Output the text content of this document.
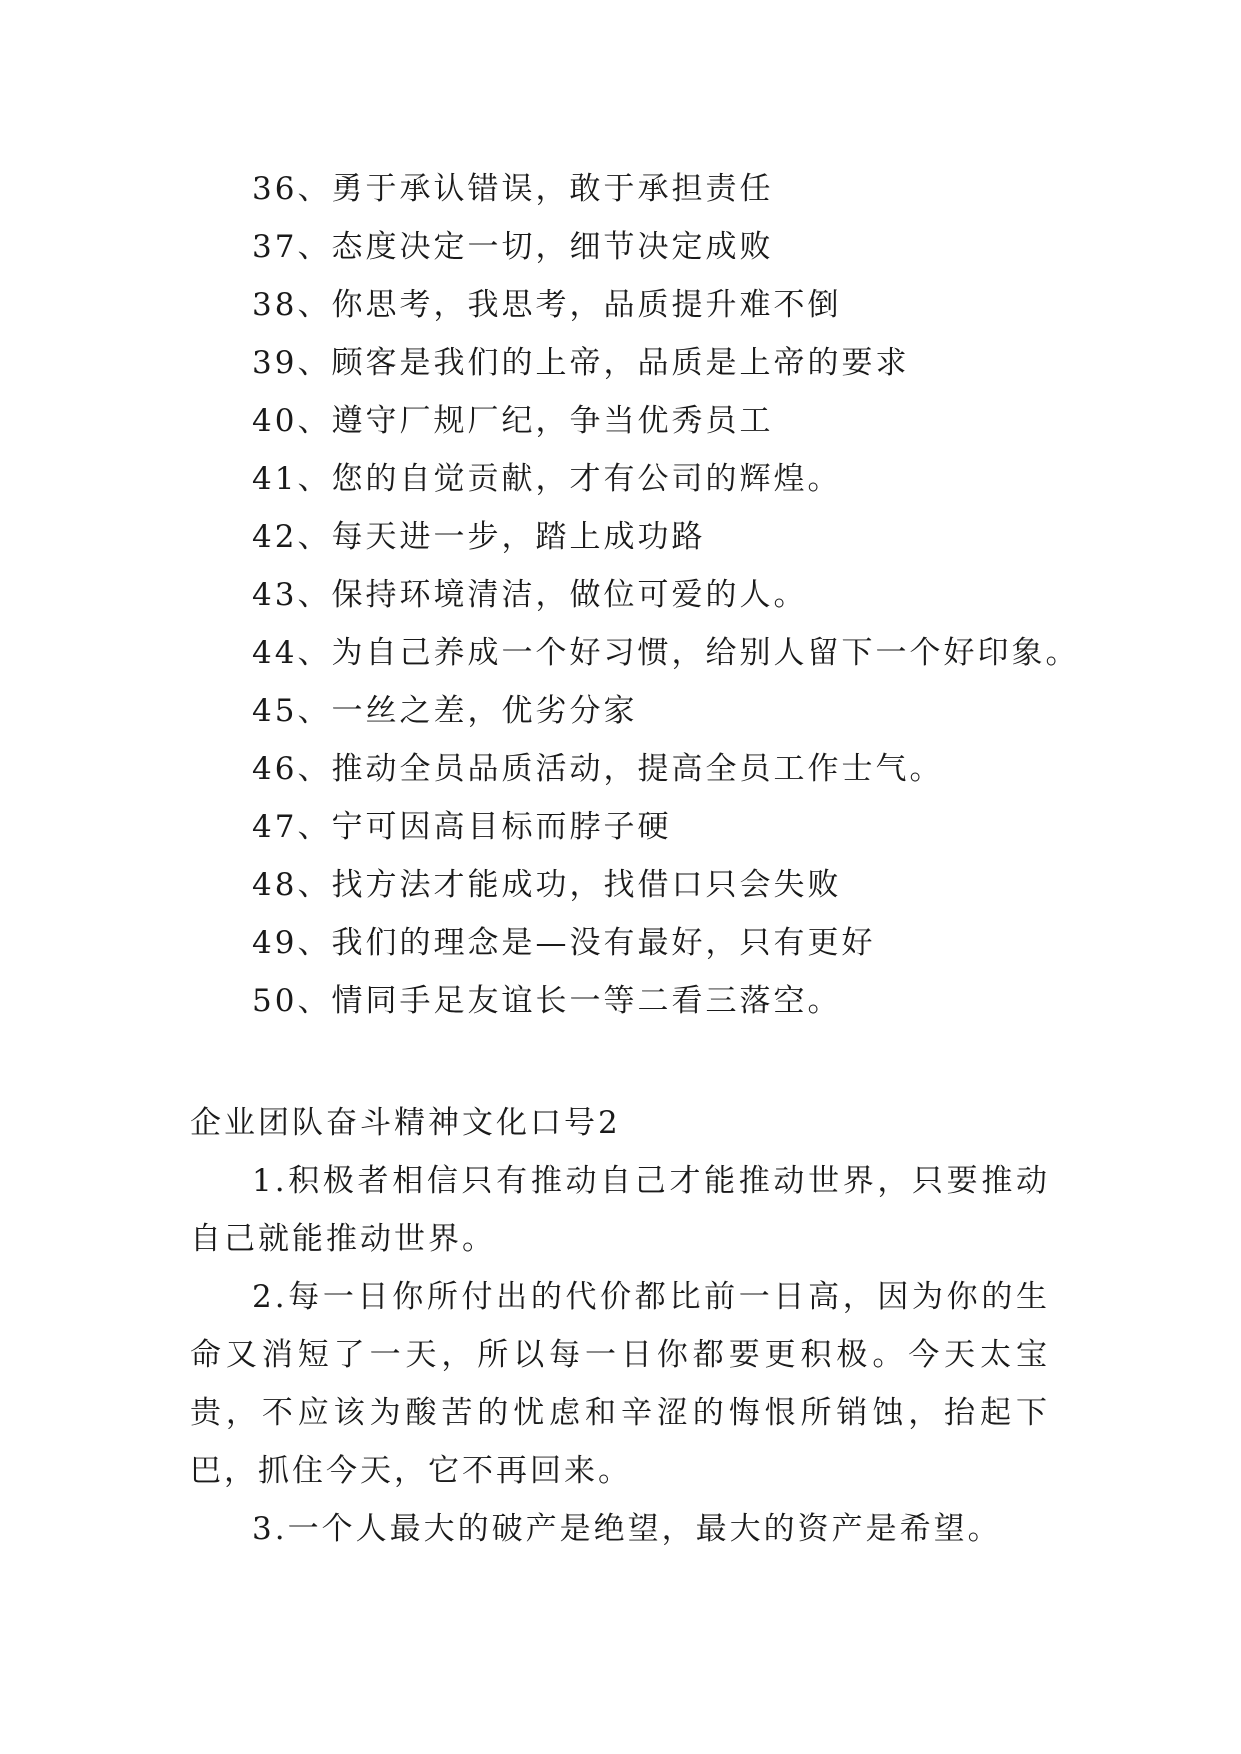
36、勇于承认错误，敢于承担责任
37、态度决定一切，细节决定成败
38、你思考，我思考，品质提升难不倒
39、顾客是我们的上帝，品质是上帝的要求
40、遵守厂规厂纪，争当优秀员工
41、您的自觉贡献，才有公司的辉煌。
42、每天进一步，踏上成功路
43、保持环境清洁，做位可爱的人。
44、为自己养成一个好习惯，给别人留下一个好印象。
45、一丝之差，优劣分家
46、推动全员品质活动，提高全员工作士气。
47、宁可因高目标而脖子硬
48、找方法才能成功，找借口只会失败
49、我们的理念是—没有最好，只有更好
50、情同手足友谊长一等二看三落空。
企业团队奋斗精神文化口号2

1.积极者相信只有推动自己才能推动世界，只要推动自己就能推动世界。

2.每一日你所付出的代价都比前一日高，因为你的生命又消短了一天，所以每一日你都要更积极。今天太宝贵，不应该为酸苦的忧虑和辛涩的悔恨所销蚀，抬起下巴，抓住今天，它不再回来。

3.一个人最大的破产是绝望，最大的资产是希望。
